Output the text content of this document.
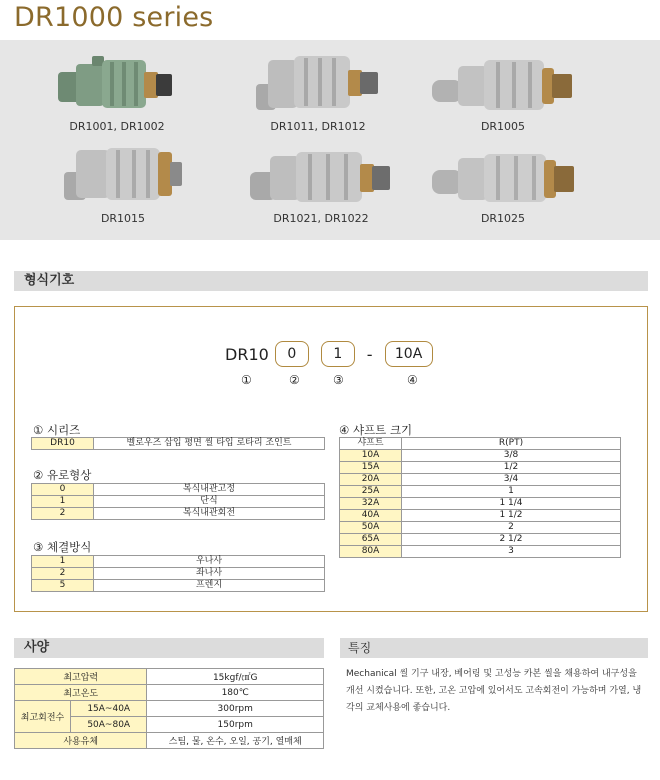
DR1000 series
DR1001, DR1002	DR1011, DR1012	DR1005
DR1015	DR1021, DR1022	DR1025
형식기호
DR10	0	1	-	10A
①	②	③	④
① 시리즈
DR10	벨로우즈 삽입 평면 씰 타입 로타리 조인트
② 유로형상
0	복식내관고정
1	단식
2	복식내관회전
③ 체결방식
1	우나사
2	좌나사
5	프렌지
④ 샤프트 크기
샤프트	R(PT)
10A	3/8
15A	1/2
20A	3/4
25A	1
32A	1 1/4
40A	1 1/2
50A	2
65A	2 1/2
80A	3
사양
최고압력		15kgf/㎠G
최고온도		180℃
최고회전수	15A~40A	300rpm
	50A~80A	150rpm
사용유체		스팀, 물, 온수, 오일, 공기, 열매체
특징
Mechanical 씰 기구 내장, 베어링 및 고성능 카본 씰을 채용하여 내구성을 개선 시켰습니다. 또한, 고온 고압에 있어서도 고속회전이 가능하며 가열, 냉각의 교체사용에 좋습니다.
